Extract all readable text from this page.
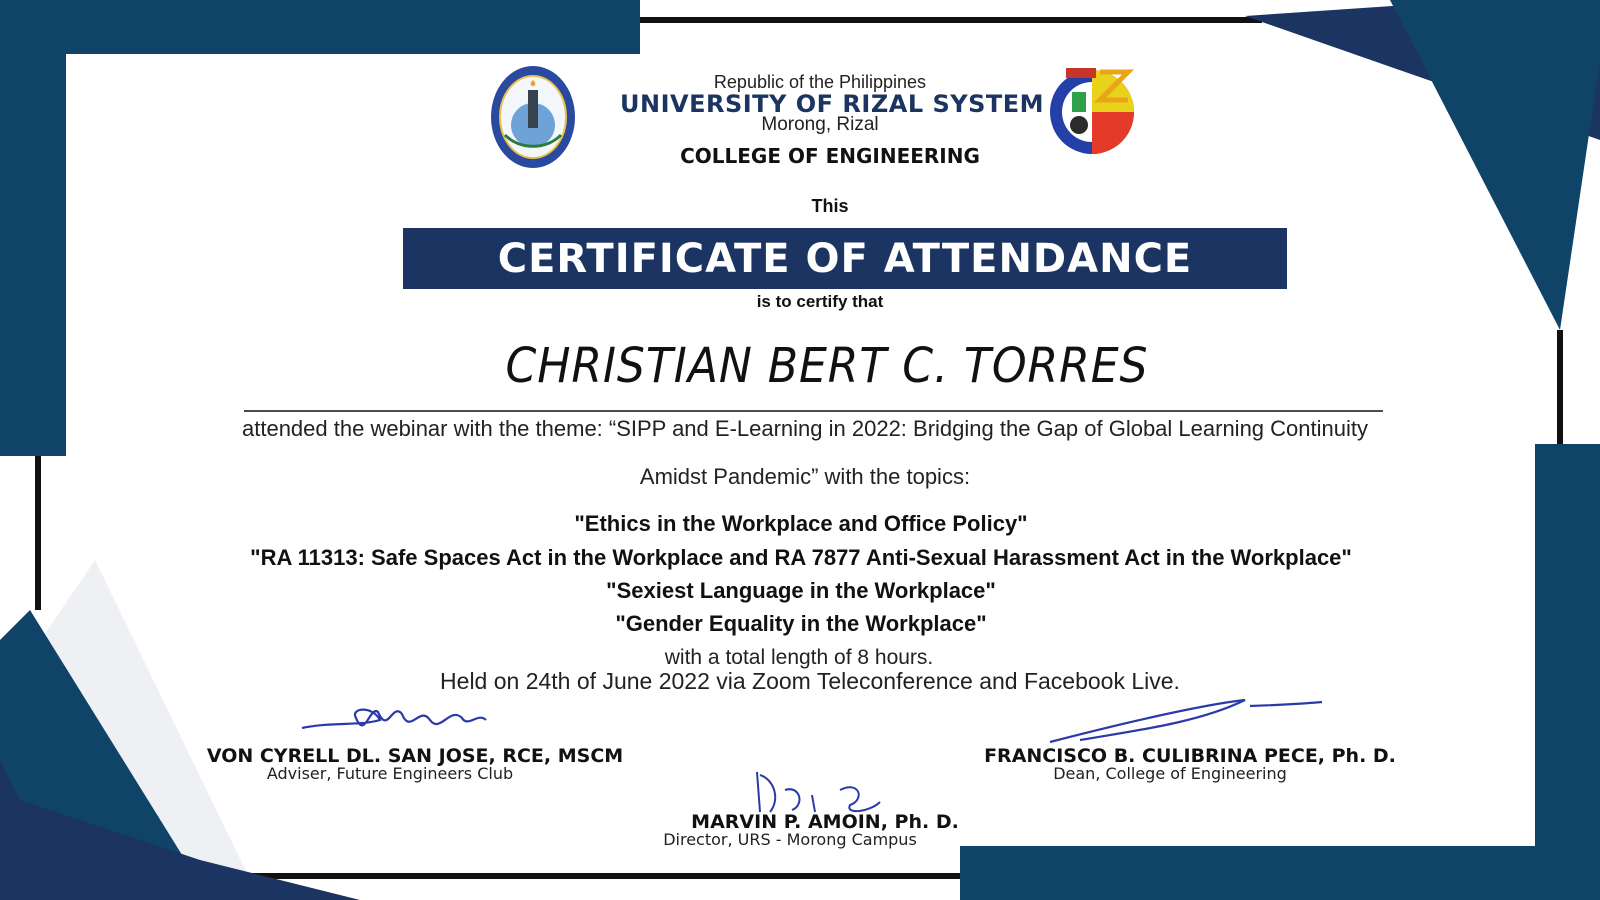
Republic of the Philippines
UNIVERSITY OF RIZAL SYSTEM
Morong, Rizal
COLLEGE OF ENGINEERING
This
CERTIFICATE OF ATTENDANCE
is to certify that
CHRISTIAN BERT C. TORRES
attended the webinar with the theme: “SIPP and E-Learning in 2022: Bridging the Gap of Global Learning Continuity
Amidst Pandemic” with the topics:
"Ethics in the Workplace and Office Policy"
"RA 11313: Safe Spaces Act in the Workplace and RA 7877 Anti-Sexual Harassment Act in the Workplace"
"Sexiest Language in the Workplace"
"Gender Equality in the Workplace"
with a total length of 8 hours.
Held on 24th of June 2022 via Zoom Teleconference and Facebook Live.
VON CYRELL DL. SAN JOSE, RCE, MSCM
Adviser, Future Engineers Club
MARVIN P. AMOIN, Ph. D.
Director, URS - Morong Campus
FRANCISCO B. CULIBRINA PECE, Ph. D.
Dean, College of Engineering
